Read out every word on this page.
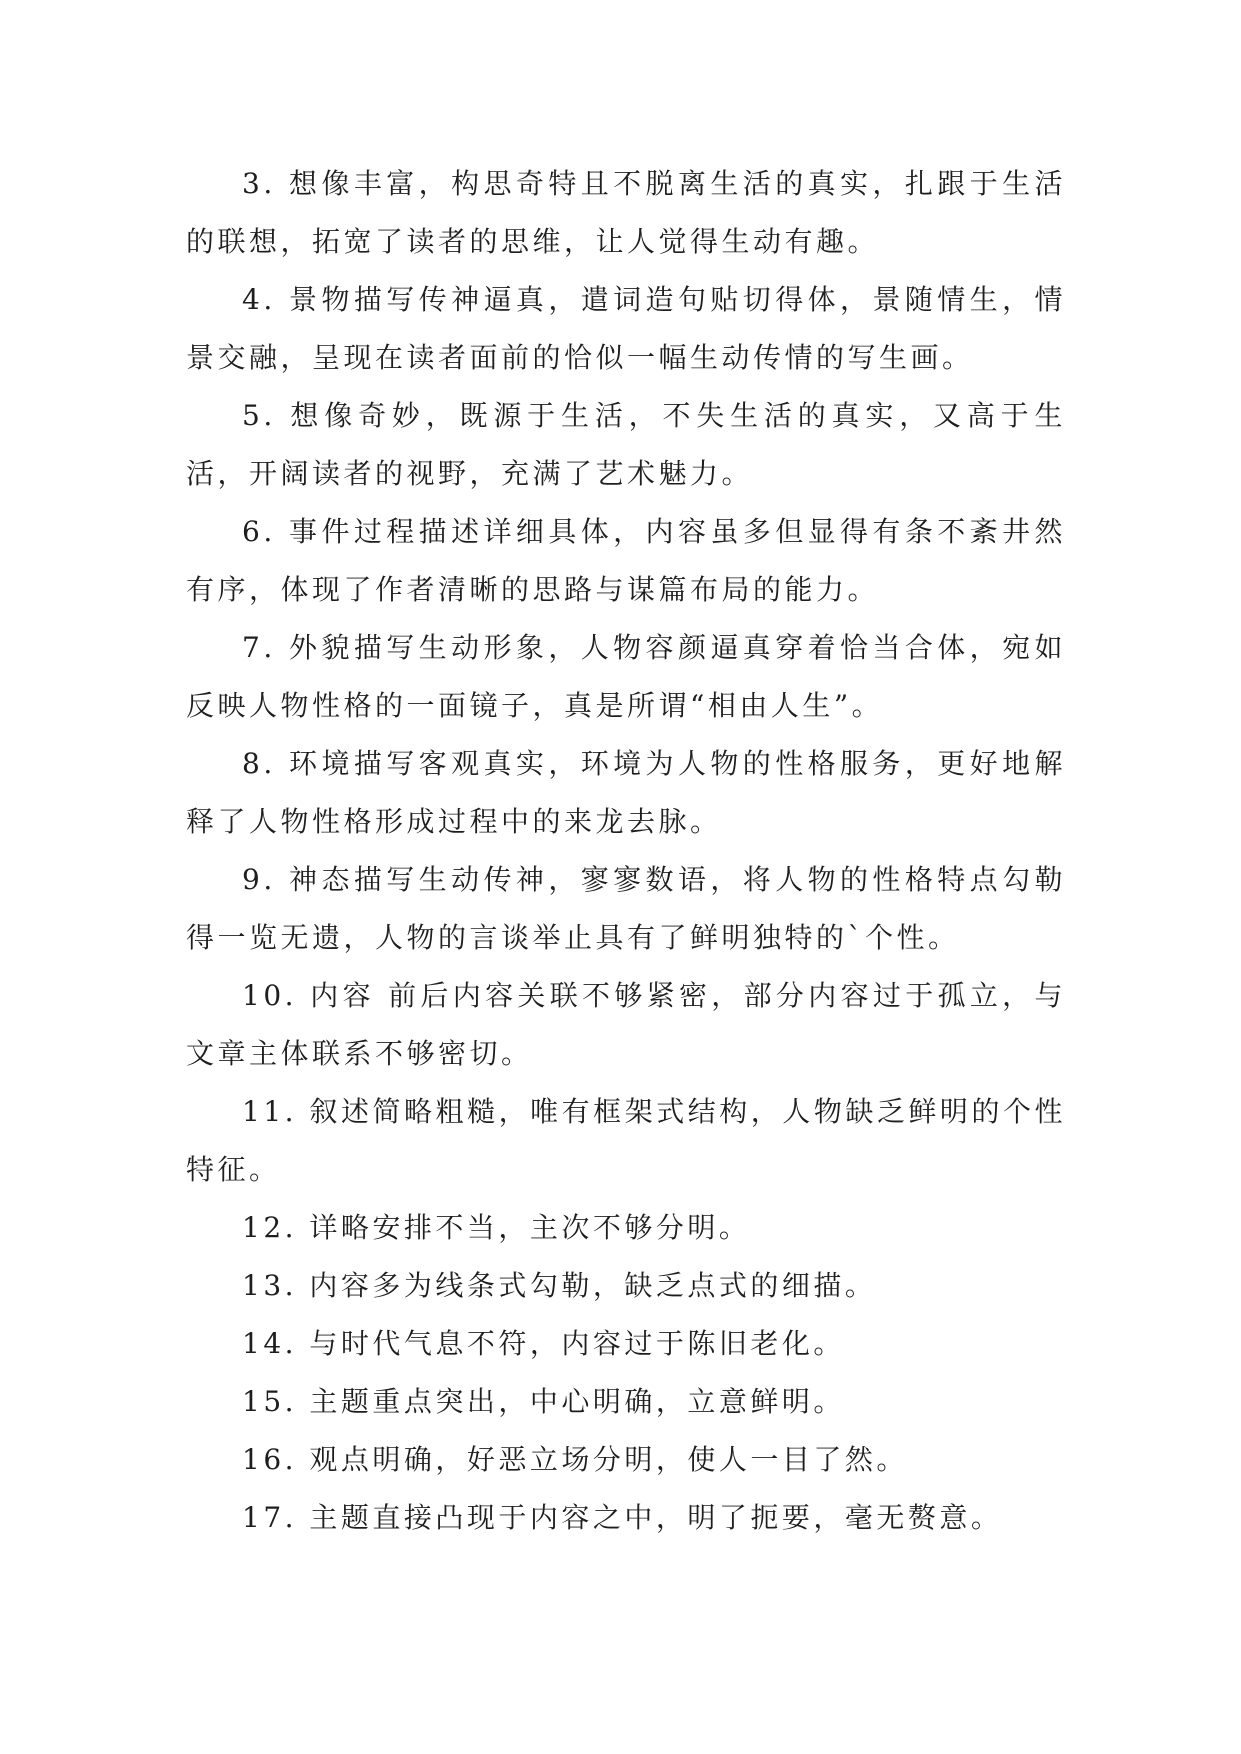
3. 想像丰富，构思奇特且不脱离生活的真实，扎跟于生活的联想，拓宽了读者的思维，让人觉得生动有趣。

4. 景物描写传神逼真，遣词造句贴切得体，景随情生，情景交融，呈现在读者面前的恰似一幅生动传情的写生画。

5. 想像奇妙，既源于生活，不失生活的真实，又高于生活，开阔读者的视野，充满了艺术魅力。

6. 事件过程描述详细具体，内容虽多但显得有条不紊井然有序，体现了作者清晰的思路与谋篇布局的能力。

7. 外貌描写生动形象，人物容颜逼真穿着恰当合体，宛如反映人物性格的一面镜子，真是所谓“相由人生”。

8. 环境描写客观真实，环境为人物的性格服务，更好地解释了人物性格形成过程中的来龙去脉。

9. 神态描写生动传神，寥寥数语，将人物的性格特点勾勒得一览无遗，人物的言谈举止具有了鲜明独特的`个性。

10. 内容 前后内容关联不够紧密，部分内容过于孤立，与文章主体联系不够密切。

11. 叙述简略粗糙，唯有框架式结构，人物缺乏鲜明的个性特征。

12. 详略安排不当，主次不够分明。

13. 内容多为线条式勾勒，缺乏点式的细描。

14. 与时代气息不符，内容过于陈旧老化。

15. 主题重点突出，中心明确，立意鲜明。

16. 观点明确，好恶立场分明，使人一目了然。

17. 主题直接凸现于内容之中，明了扼要，毫无赘意。
